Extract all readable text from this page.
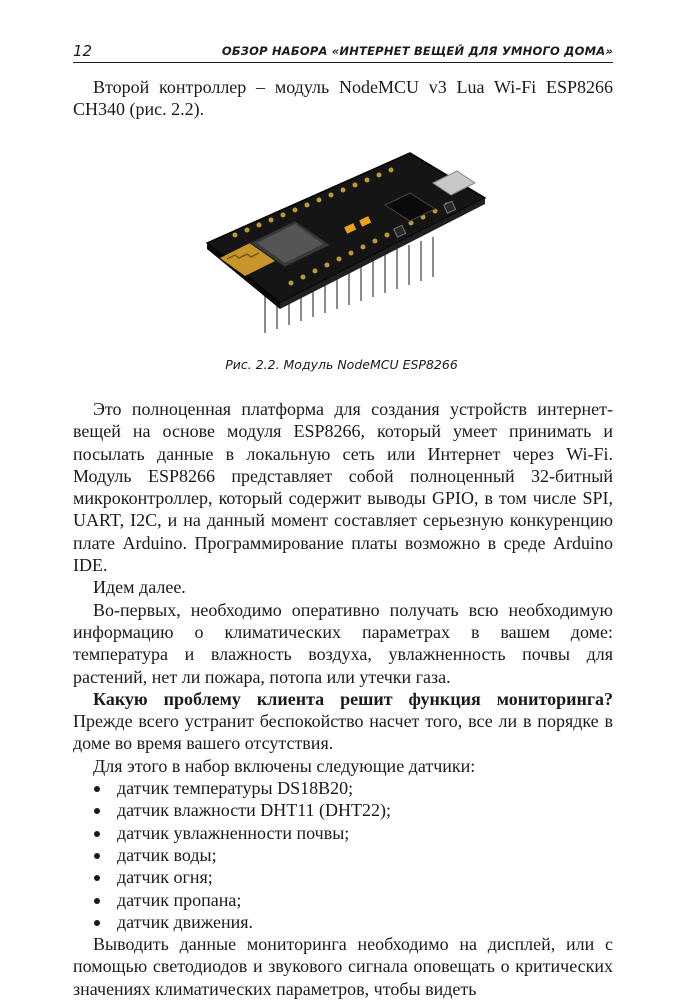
12	ОБЗОР НАБОРА «ИНТЕРНЕТ ВЕЩЕЙ ДЛЯ УМНОГО ДОМА»

Второй контроллер – модуль NodeMCU v3 Lua Wi-Fi ESP8266 CH340 (рис. 2.2).

Рис. 2.2. Модуль NodeMCU ESP8266

Это полноценная платформа для создания устройств интернет-вещей на основе модуля ESP8266, который умеет принимать и посылать данные в локальную сеть или Интернет через Wi-Fi. Модуль ESP8266 представляет собой полноценный 32-битный микроконтроллер, который содержит выводы GPIO, в том числе SPI, UART, I2C, и на данный момент составляет серьезную конкуренцию плате Arduino. Программирование платы возможно в среде Arduino IDE.

Идем далее.

Во-первых, необходимо оперативно получать всю необходимую информацию о климатических параметрах в вашем доме: температура и влажность воздуха, увлажненность почвы для растений, нет ли пожара, потопа или утечки газа.

Какую проблему клиента решит функция мониторинга? Прежде всего устранит беспокойство насчет того, все ли в порядке в доме во время вашего отсутствия.

Для этого в набор включены следующие датчики:

датчик температуры DS18B20;
датчик влажности DHT11 (DHT22);
датчик увлажненности почвы;
датчик воды;
датчик огня;
датчик пропана;
датчик движения.

Выводить данные мониторинга необходимо на дисплей, или с помощью светодиодов и звукового сигнала оповещать о критических значениях климатических параметров, чтобы видеть
